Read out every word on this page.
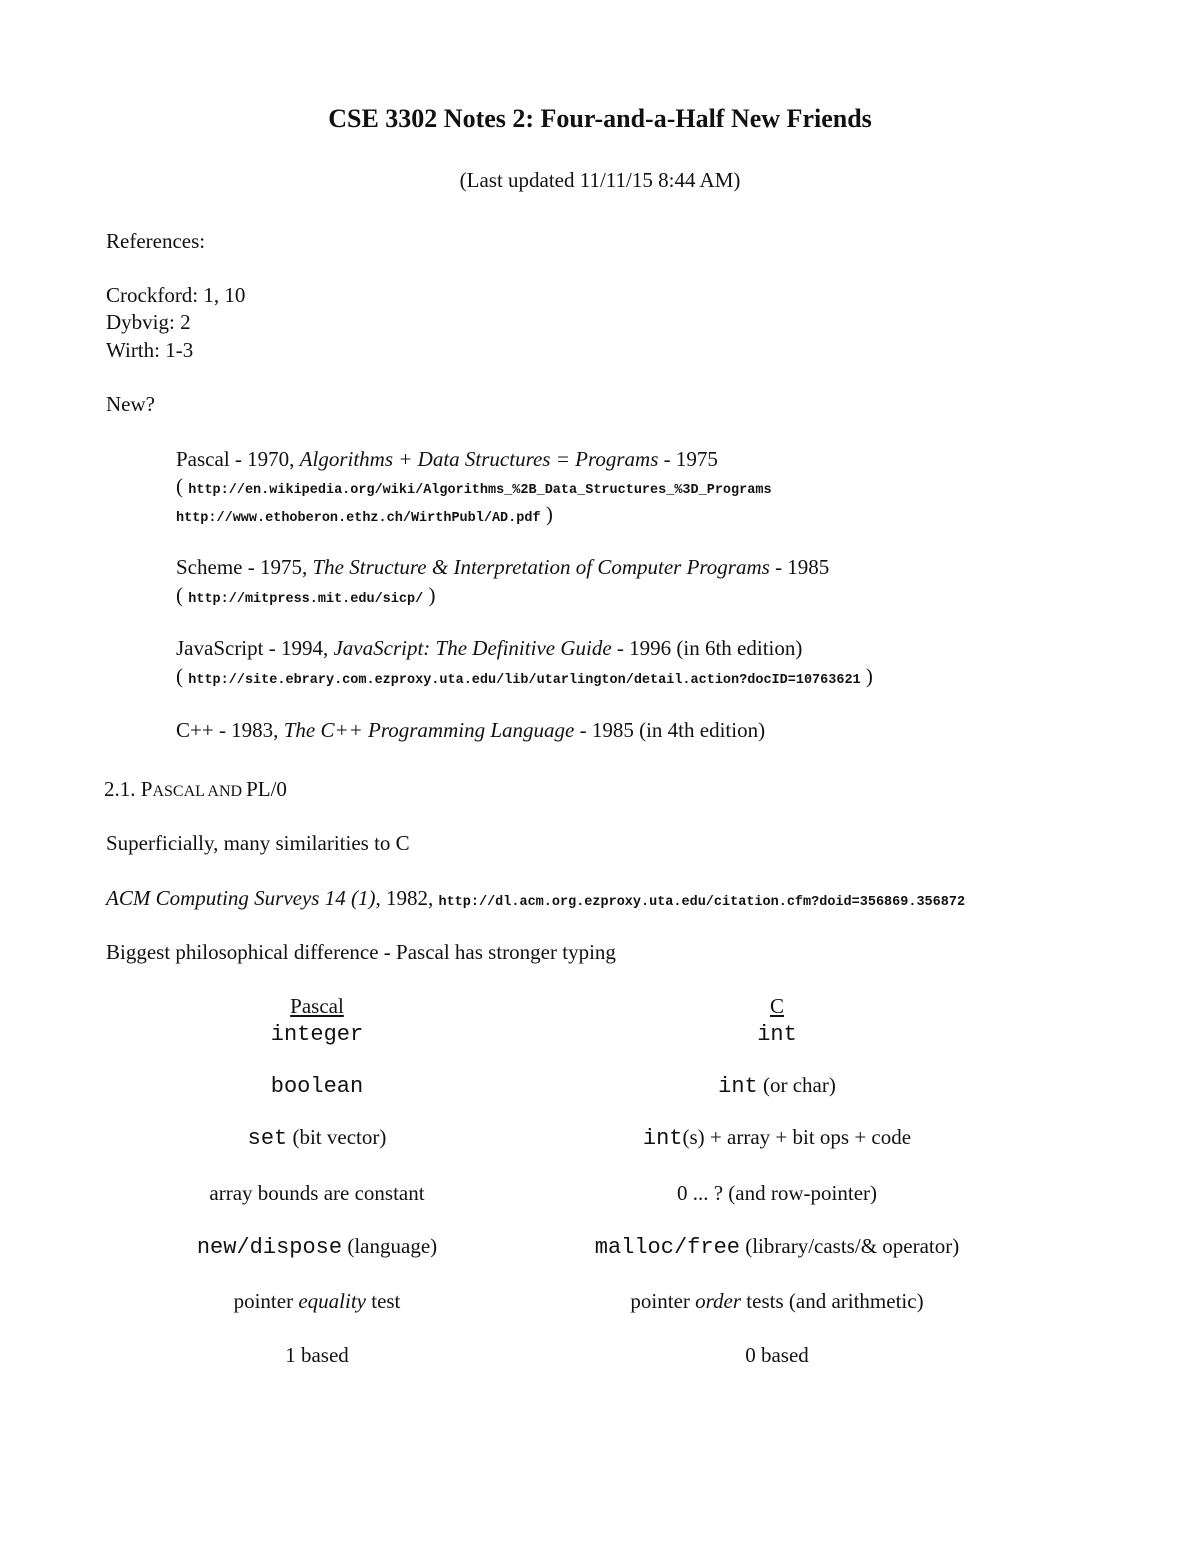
CSE 3302 Notes 2: Four-and-a-Half New Friends
(Last updated 11/11/15 8:44 AM)
References:
Crockford: 1, 10
Dybvig: 2
Wirth: 1-3
New?
Pascal - 1970, Algorithms + Data Structures = Programs - 1975
( http://en.wikipedia.org/wiki/Algorithms_%2B_Data_Structures_%3D_Programs
http://www.ethoberon.ethz.ch/WirthPubl/AD.pdf )
Scheme - 1975, The Structure & Interpretation of Computer Programs - 1985
( http://mitpress.mit.edu/sicp/ )
JavaScript - 1994, JavaScript: The Definitive Guide - 1996 (in 6th edition)
( http://site.ebrary.com.ezproxy.uta.edu/lib/utarlington/detail.action?docID=10763621 )
C++ - 1983, The C++ Programming Language - 1985 (in 4th edition)
2.1. PASCAL AND PL/0
Superficially, many similarities to C
ACM Computing Surveys 14 (1), 1982, http://dl.acm.org.ezproxy.uta.edu/citation.cfm?doid=356869.356872
Biggest philosophical difference - Pascal has stronger typing
Pascal	C
integer	int
boolean	int (or char)
set (bit vector)	int(s) + array + bit ops + code
array bounds are constant	0 ... ? (and row-pointer)
new/dispose (language)	malloc/free (library/casts/& operator)
pointer equality test	pointer order tests (and arithmetic)
1 based	0 based
